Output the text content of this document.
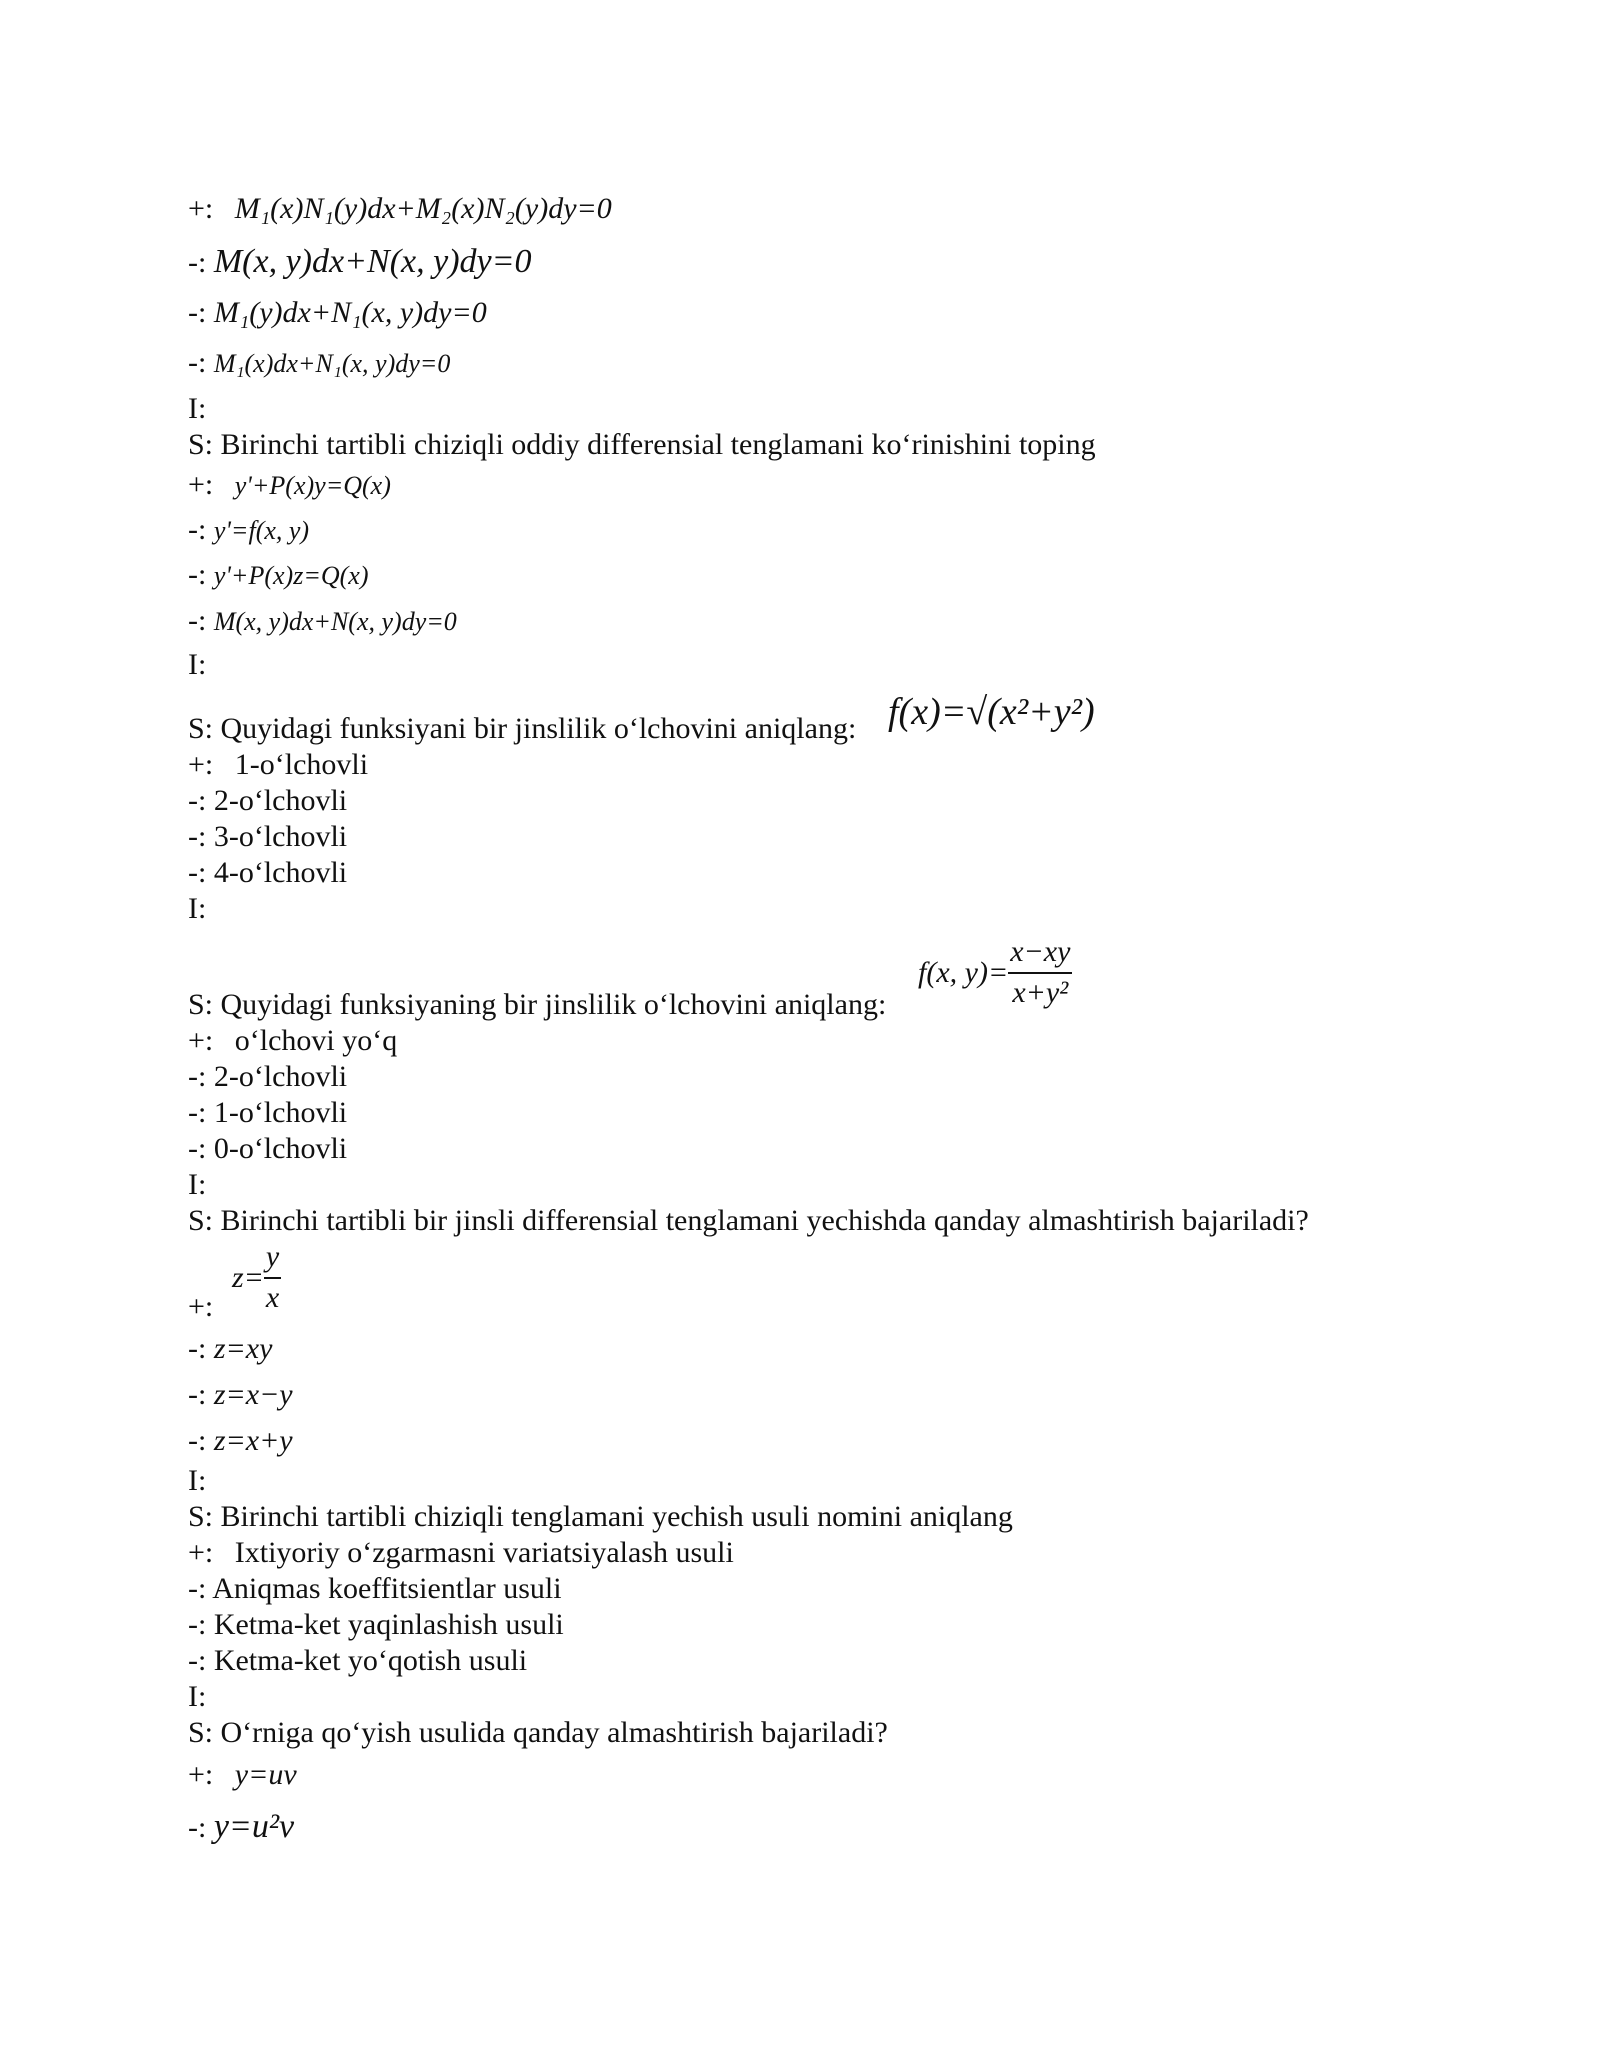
+: M₁(x)N₁(y)dx+M₂(x)N₂(y)dy=0
-: M(x, y)dx+N(x, y)dy=0
-: M₁(y)dx+N₁(x, y)dy=0
-: M₁(x)dx+N₁(x, y)dy=0
I:
S: Birinchi tartibli chiziqli oddiy differensial tenglamani ko‘rinishini toping
+: y'+P(x)y=Q(x)
-: y'=f(x, y)
-: y'+P(x)z=Q(x)
-: M(x, y)dx+N(x, y)dy=0
I:
S: Quyidagi funksiyani bir jinslilik o‘lchovini aniqlang: f(x)=√(x²+y²)
+: 1-o‘lchovli
-: 2-o‘lchovli
-: 3-o‘lchovli
-: 4-o‘lchovli
I:
f(x, $y)= \frac{x-xy}{\text{x+y²}}$
S: Quyidagi funksiyaning bir jinslilik o‘lchovini aniqlang:
+: o‘lchovi yo‘q
-: 2-o‘lchovli
-: 1-o‘lchovli
-: 0-o‘lchovli
I:
S: Birinchi tartibli bir jinsli differensial tenglamani yechishda qanday almashtirish bajariladi?
$z= \frac{y}{x}$
+:
-: z=xy
-: z=x−y
-: z=x+y
I:
S: Birinchi tartibli chiziqli tenglamani yechish usuli nomini aniqlang
+: Ixtiyoriy o‘zgarmasni variatsiyalash usuli
-: Aniqmas koeffitsientlar usuli
-: Ketma-ket yaqinlashish usuli
-: Ketma-ket yo‘qotish usuli
I:
S: O‘rniga qo‘yish usulida qanday almashtirish bajariladi?
+: y=uv
-: y=u²v
